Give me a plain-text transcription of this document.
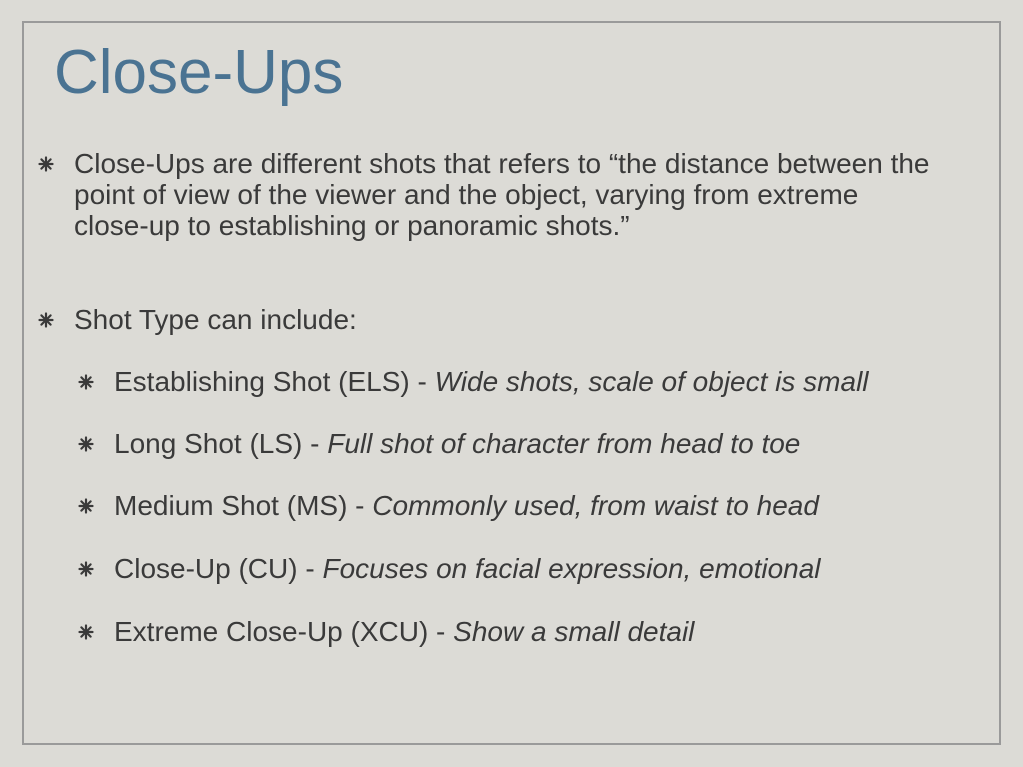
Close-Ups
Close-Ups are different shots that refers to “the distance between the point of view of the viewer and the object, varying from extreme close-up to establishing or panoramic shots.”
Shot Type can include:
Establishing Shot (ELS) - Wide shots, scale of object is small
Long Shot (LS) - Full shot of character from head to toe
Medium Shot (MS) - Commonly used, from waist to head
Close-Up (CU) - Focuses on facial expression, emotional
Extreme Close-Up (XCU) - Show a small detail
